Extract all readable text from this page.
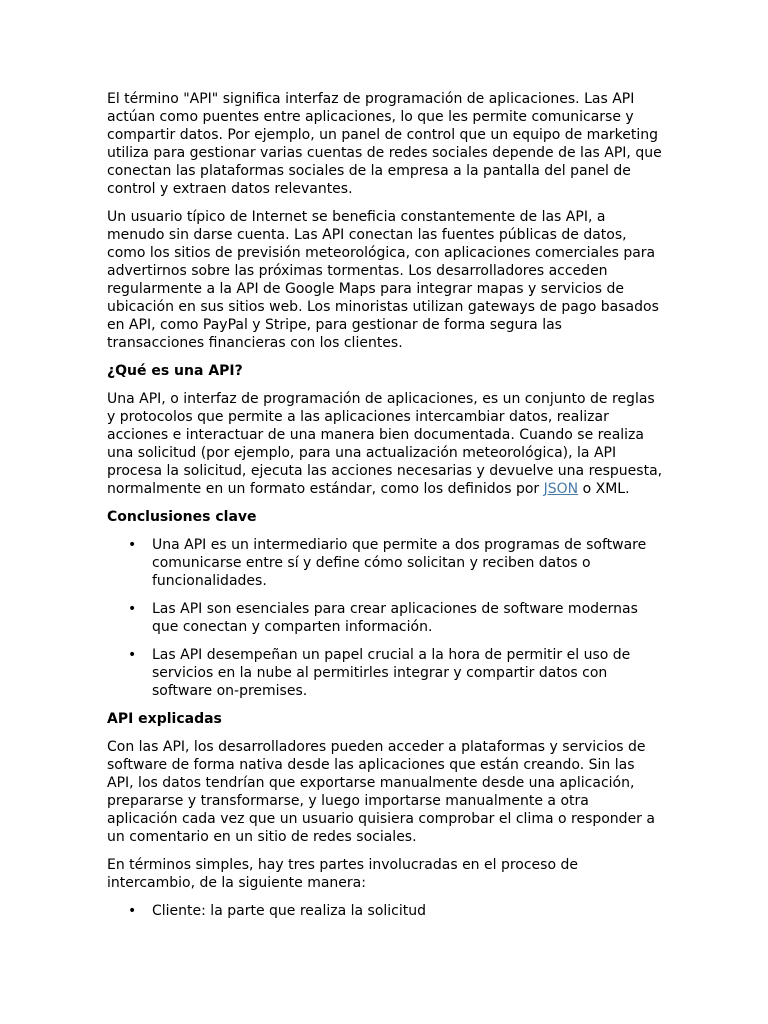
El término "API" significa interfaz de programación de aplicaciones. Las API actúan como puentes entre aplicaciones, lo que les permite comunicarse y compartir datos. Por ejemplo, un panel de control que un equipo de marketing utiliza para gestionar varias cuentas de redes sociales depende de las API, que conectan las plataformas sociales de la empresa a la pantalla del panel de control y extraen datos relevantes.

Un usuario típico de Internet se beneficia constantemente de las API, a menudo sin darse cuenta. Las API conectan las fuentes públicas de datos, como los sitios de previsión meteorológica, con aplicaciones comerciales para advertirnos sobre las próximas tormentas. Los desarrolladores acceden regularmente a la API de Google Maps para integrar mapas y servicios de ubicación en sus sitios web. Los minoristas utilizan gateways de pago basados en API, como PayPal y Stripe, para gestionar de forma segura las transacciones financieras con los clientes.

¿Qué es una API?

Una API, o interfaz de programación de aplicaciones, es un conjunto de reglas y protocolos que permite a las aplicaciones intercambiar datos, realizar acciones e interactuar de una manera bien documentada. Cuando se realiza una solicitud (por ejemplo, para una actualización meteorológica), la API procesa la solicitud, ejecuta las acciones necesarias y devuelve una respuesta, normalmente en un formato estándar, como los definidos por JSON o XML.

Conclusiones clave
• Una API es un intermediario que permite a dos programas de software comunicarse entre sí y define cómo solicitan y reciben datos o funcionalidades.
• Las API son esenciales para crear aplicaciones de software modernas que conectan y comparten información.
• Las API desempeñan un papel crucial a la hora de permitir el uso de servicios en la nube al permitirles integrar y compartir datos con software on-premises.
API explicadas

Con las API, los desarrolladores pueden acceder a plataformas y servicios de software de forma nativa desde las aplicaciones que están creando. Sin las API, los datos tendrían que exportarse manualmente desde una aplicación, prepararse y transformarse, y luego importarse manualmente a otra aplicación cada vez que un usuario quisiera comprobar el clima o responder a un comentario en un sitio de redes sociales.

En términos simples, hay tres partes involucradas en el proceso de intercambio, de la siguiente manera:

• Cliente: la parte que realiza la solicitud
